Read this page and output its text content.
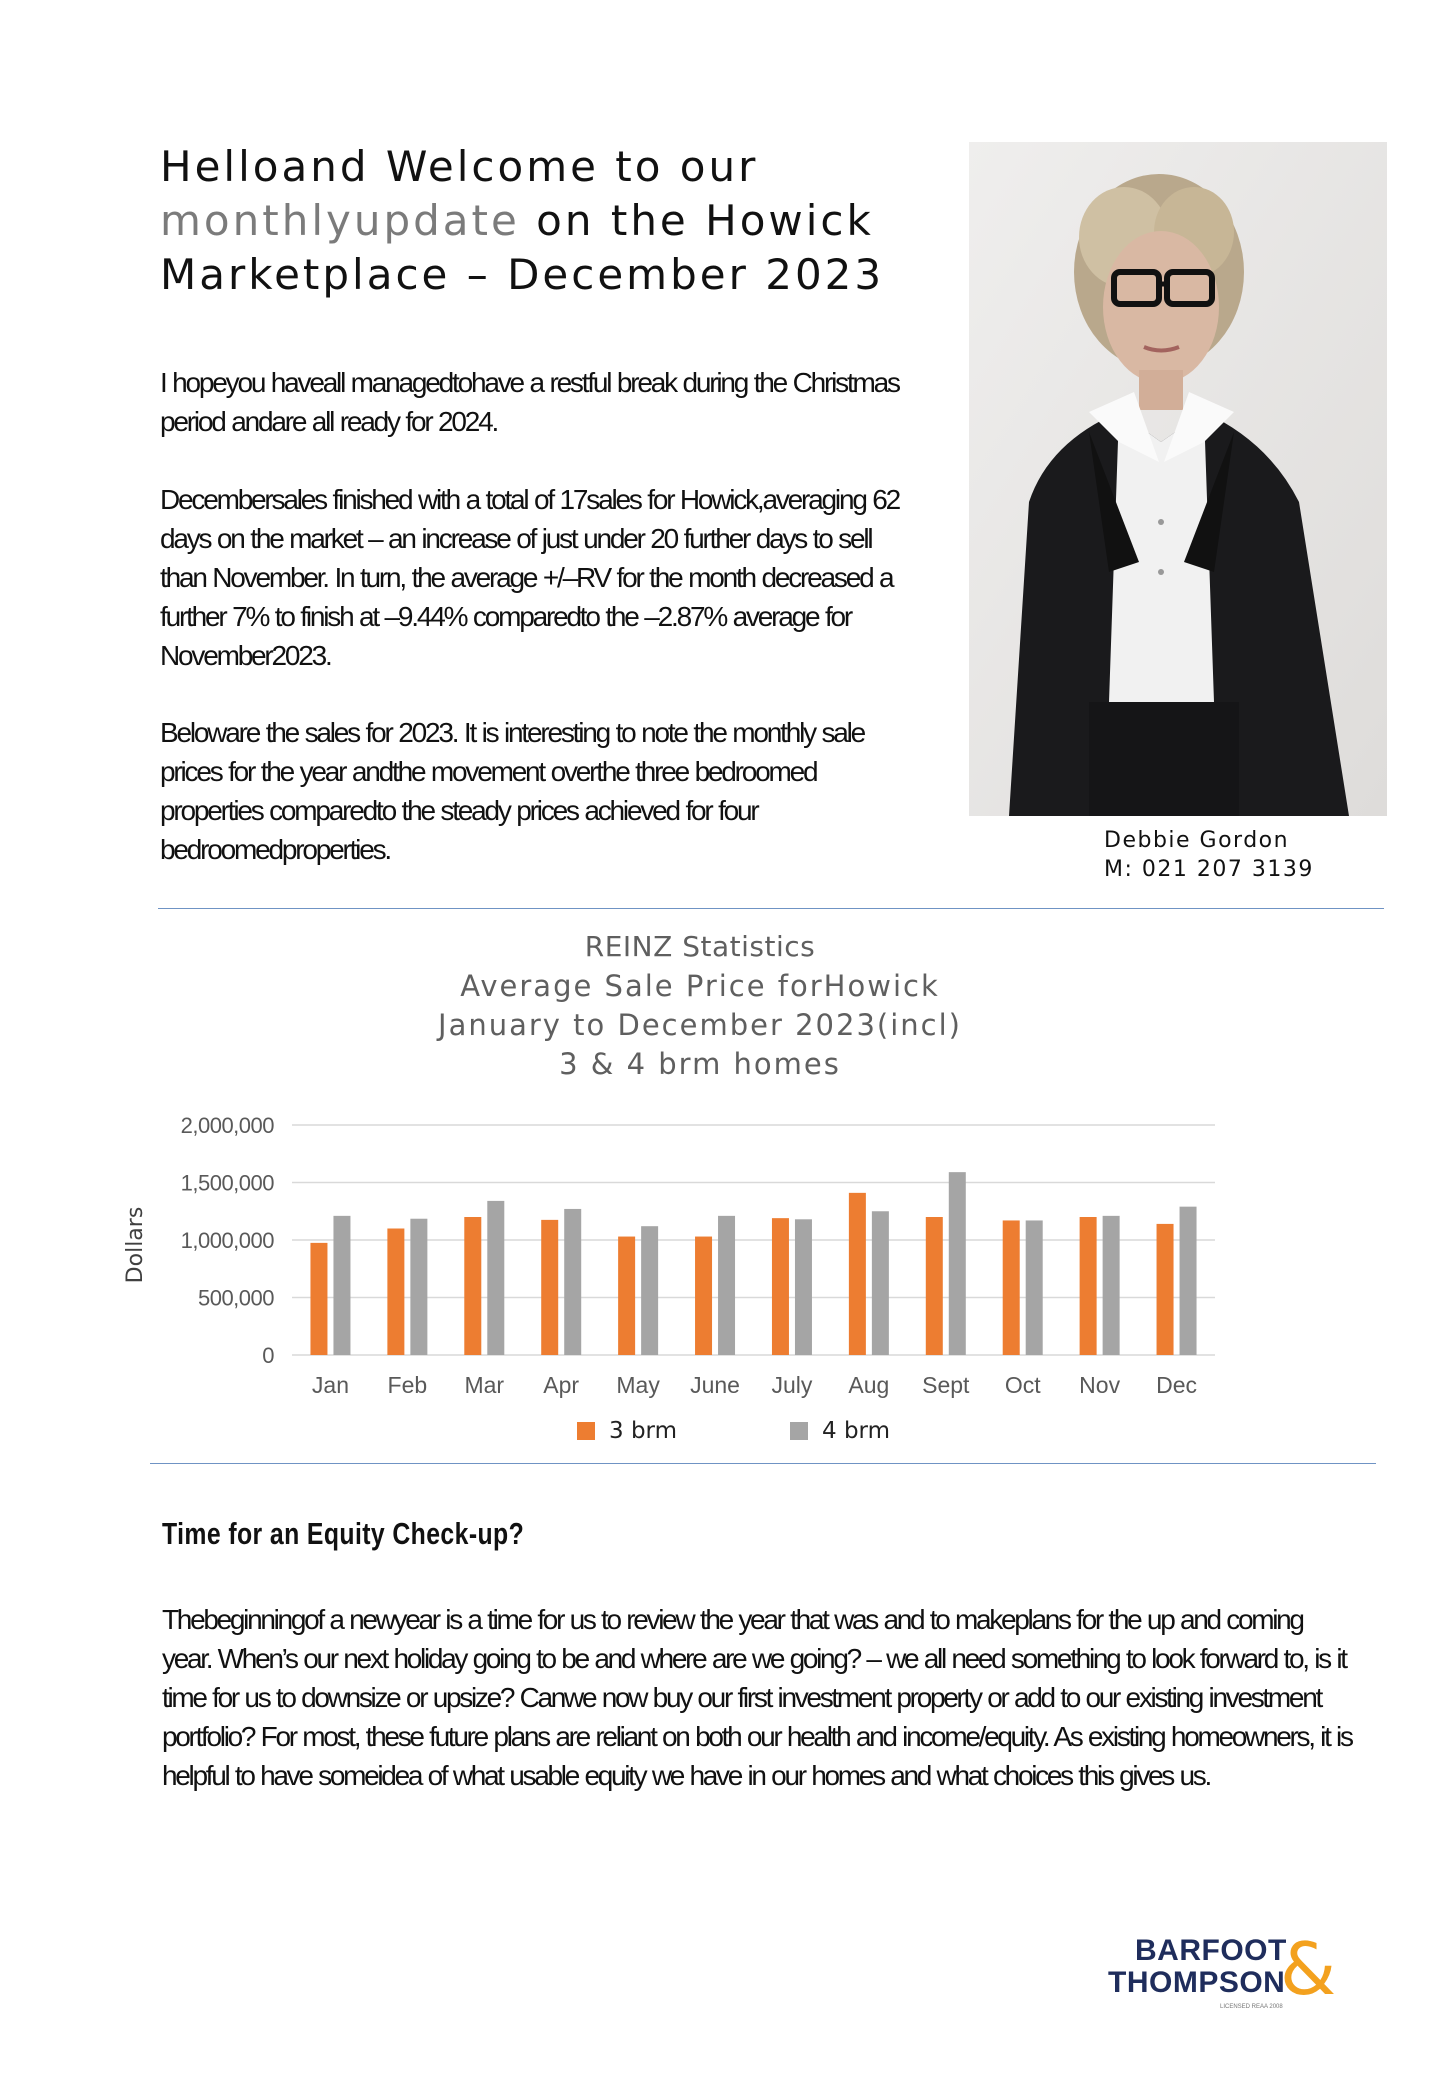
Helloand Welcome to our
monthlyupdate on the Howick
Marketplace – December 2023

I hopeyou haveall managedtohave a restful break during the Christmas period andare all ready for 2024.

Decembersales finished with a total of 17sales for Howick,averaging 62 days on the market – an increase of just under 20 further days to sell than November. In turn, the average +/–RV for the month decreased a further 7% to finish at –9.44% comparedto the –2.87% average for November2023.

Beloware the sales for 2023. It is interesting to note the monthly sale prices for the year andthe movement overthe three bedroomed properties comparedto the steady prices achieved for four bedroomedproperties.	Debbie Gordon
M: 021 207 3139
REINZ Statistics
Average Sale Price forHowick
January to December 2023(incl)
3 & 4 brm homes
0
500,000
1,000,000
1,500,000
2,000,000
Dollars
Jan Feb Mar Apr May June July Aug Sept Oct Nov Dec
3 brm	4 brm
Time for an Equity Check-up?

Thebeginningof a newyear is a time for us to review the year that was and to makeplans for the up and coming year. When’s our next holiday going to be and where are we going? – we all need something to look forward to, is it time for us to downsize or upsize? Canwe now buy our first investment property or add to our existing investment portfolio? For most, these future plans are reliant on both our health and income/equity. As existing homeowners, it is helpful to have someidea of what usable equity we have in our homes and what choices this gives us.

BARFOOT
THOMPSON
&
LICENSED REAA 2008
